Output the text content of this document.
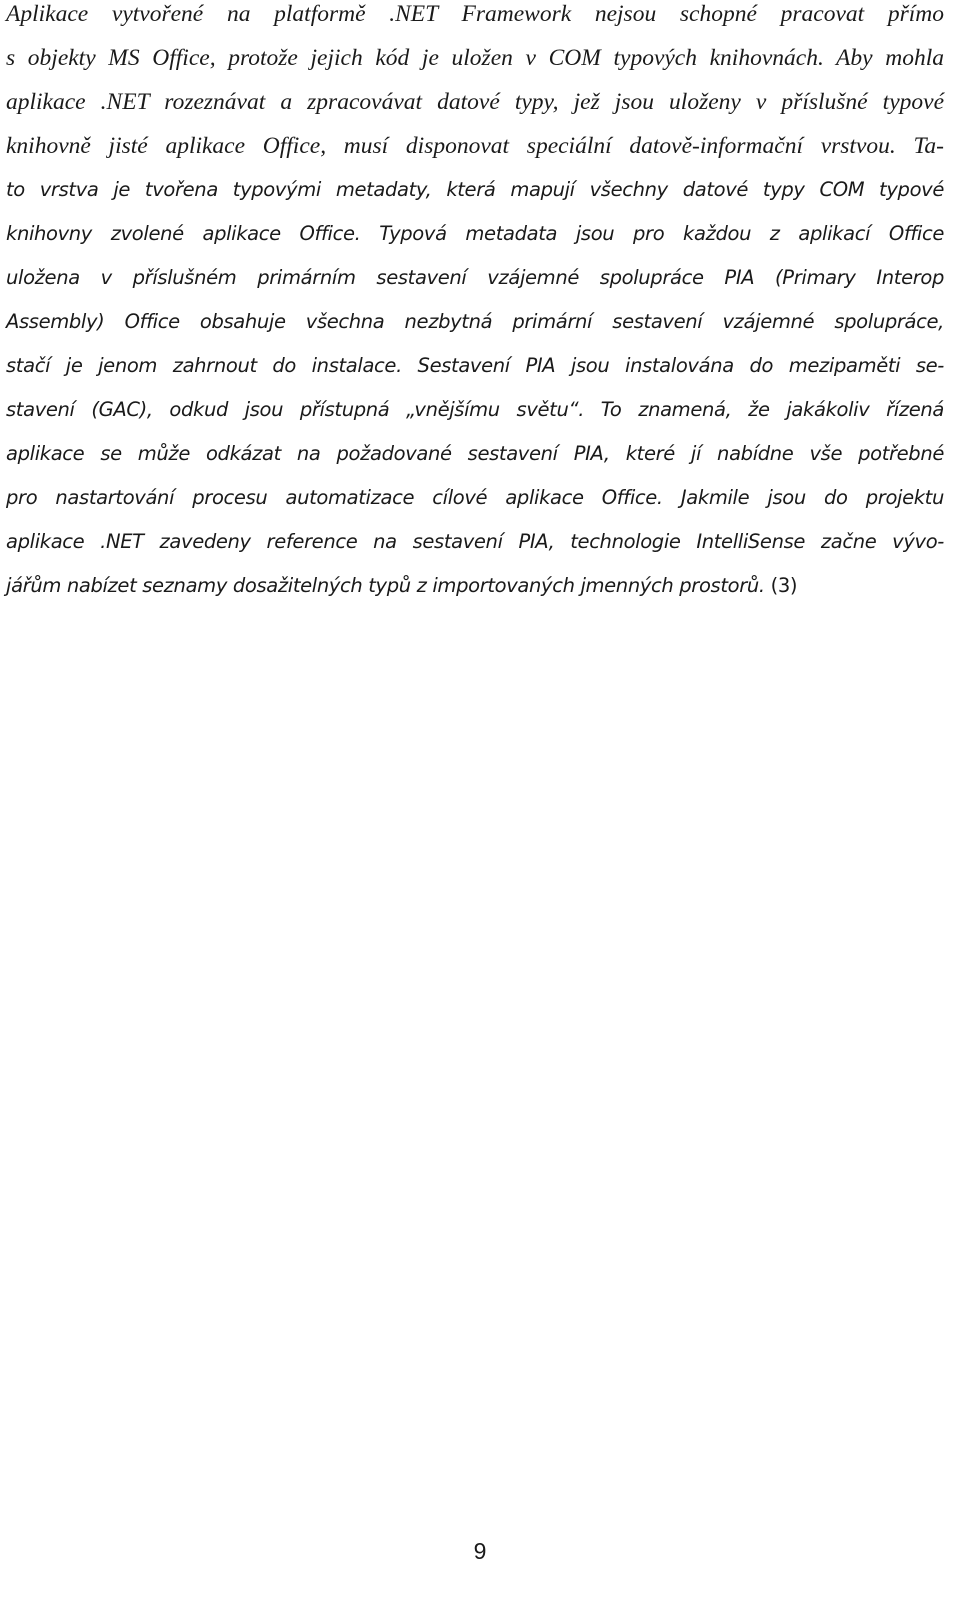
Aplikace vytvořené na platformě .NET Framework nejsou schopné pracovat přímo
s objekty MS Office, protože jejich kód je uložen v COM typových knihovnách. Aby mohla
aplikace .NET rozeznávat a zpracovávat datové typy, jež jsou uloženy v příslušné typové
knihovně jisté aplikace Office, musí disponovat speciální datově-informační vrstvou. Ta-
to vrstva je tvořena typovými metadaty, která mapují všechny datové typy COM typové
knihovny zvolené aplikace Office. Typová metadata jsou pro každou z aplikací Office
uložena v příslušném primárním sestavení vzájemné spolupráce PIA (Primary Interop
Assembly) Office obsahuje všechna nezbytná primární sestavení vzájemné spolupráce,
stačí je jenom zahrnout do instalace. Sestavení PIA jsou instalována do mezipaměti se-
stavení (GAC), odkud jsou přístupná „vnějšímu světu“. To znamená, že jakákoliv řízená
aplikace se může odkázat na požadované sestavení PIA, které jí nabídne vše potřebné
pro nastartování procesu automatizace cílové aplikace Office. Jakmile jsou do projektu
aplikace .NET zavedeny reference na sestavení PIA, technologie IntelliSense začne vývo-
jářům nabízet seznamy dosažitelných typů z importovaných jmenných prostorů. (3)
9
